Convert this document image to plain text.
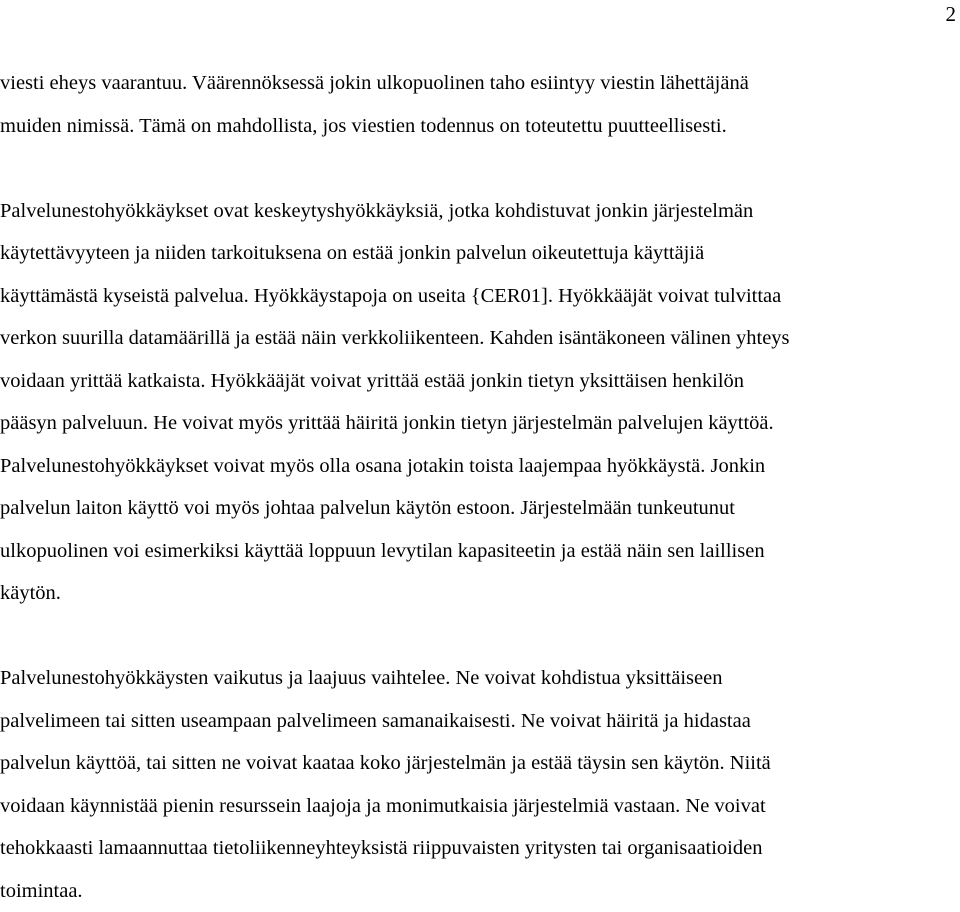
2

viesti eheys vaarantuu. Väärennöksessä jokin ulkopuolinen taho esiintyy viestin lähettäjänä
muiden nimissä. Tämä on mahdollista, jos viestien todennus on toteutettu puutteellisesti.

Palvelunestohyökkäykset ovat keskeytyshyökkäyksiä, jotka kohdistuvat jonkin järjestelmän
käytettävyyteen ja niiden tarkoituksena on estää jonkin palvelun oikeutettuja käyttäjiä
käyttämästä kyseistä palvelua. Hyökkäystapoja on useita {CER01]. Hyökkääjät voivat tulvittaa
verkon suurilla datamäärillä ja estää näin verkkoliikenteen. Kahden isäntäkoneen välinen yhteys
voidaan yrittää katkaista. Hyökkääjät voivat yrittää estää jonkin tietyn yksittäisen henkilön
pääsyn palveluun. He voivat myös yrittää häiritä jonkin tietyn järjestelmän palvelujen käyttöä.
Palvelunestohyökkäykset voivat myös olla osana jotakin toista laajempaa hyökkäystä. Jonkin
palvelun laiton käyttö voi myös johtaa palvelun käytön estoon. Järjestelmään tunkeutunut
ulkopuolinen voi esimerkiksi käyttää loppuun levytilan kapasiteetin ja estää näin sen laillisen
käytön.

Palvelunestohyökkäysten vaikutus ja laajuus vaihtelee. Ne voivat kohdistua yksittäiseen
palvelimeen tai sitten useampaan palvelimeen samanaikaisesti. Ne voivat häiritä ja hidastaa
palvelun käyttöä, tai sitten ne voivat kaataa koko järjestelmän ja estää täysin sen käytön. Niitä
voidaan käynnistää pienin resurssein laajoja ja monimutkaisia järjestelmiä vastaan. Ne voivat
tehokkaasti lamaannuttaa tietoliikenneyhteyksistä riippuvaisten yritysten tai organisaatioiden
toimintaa.
